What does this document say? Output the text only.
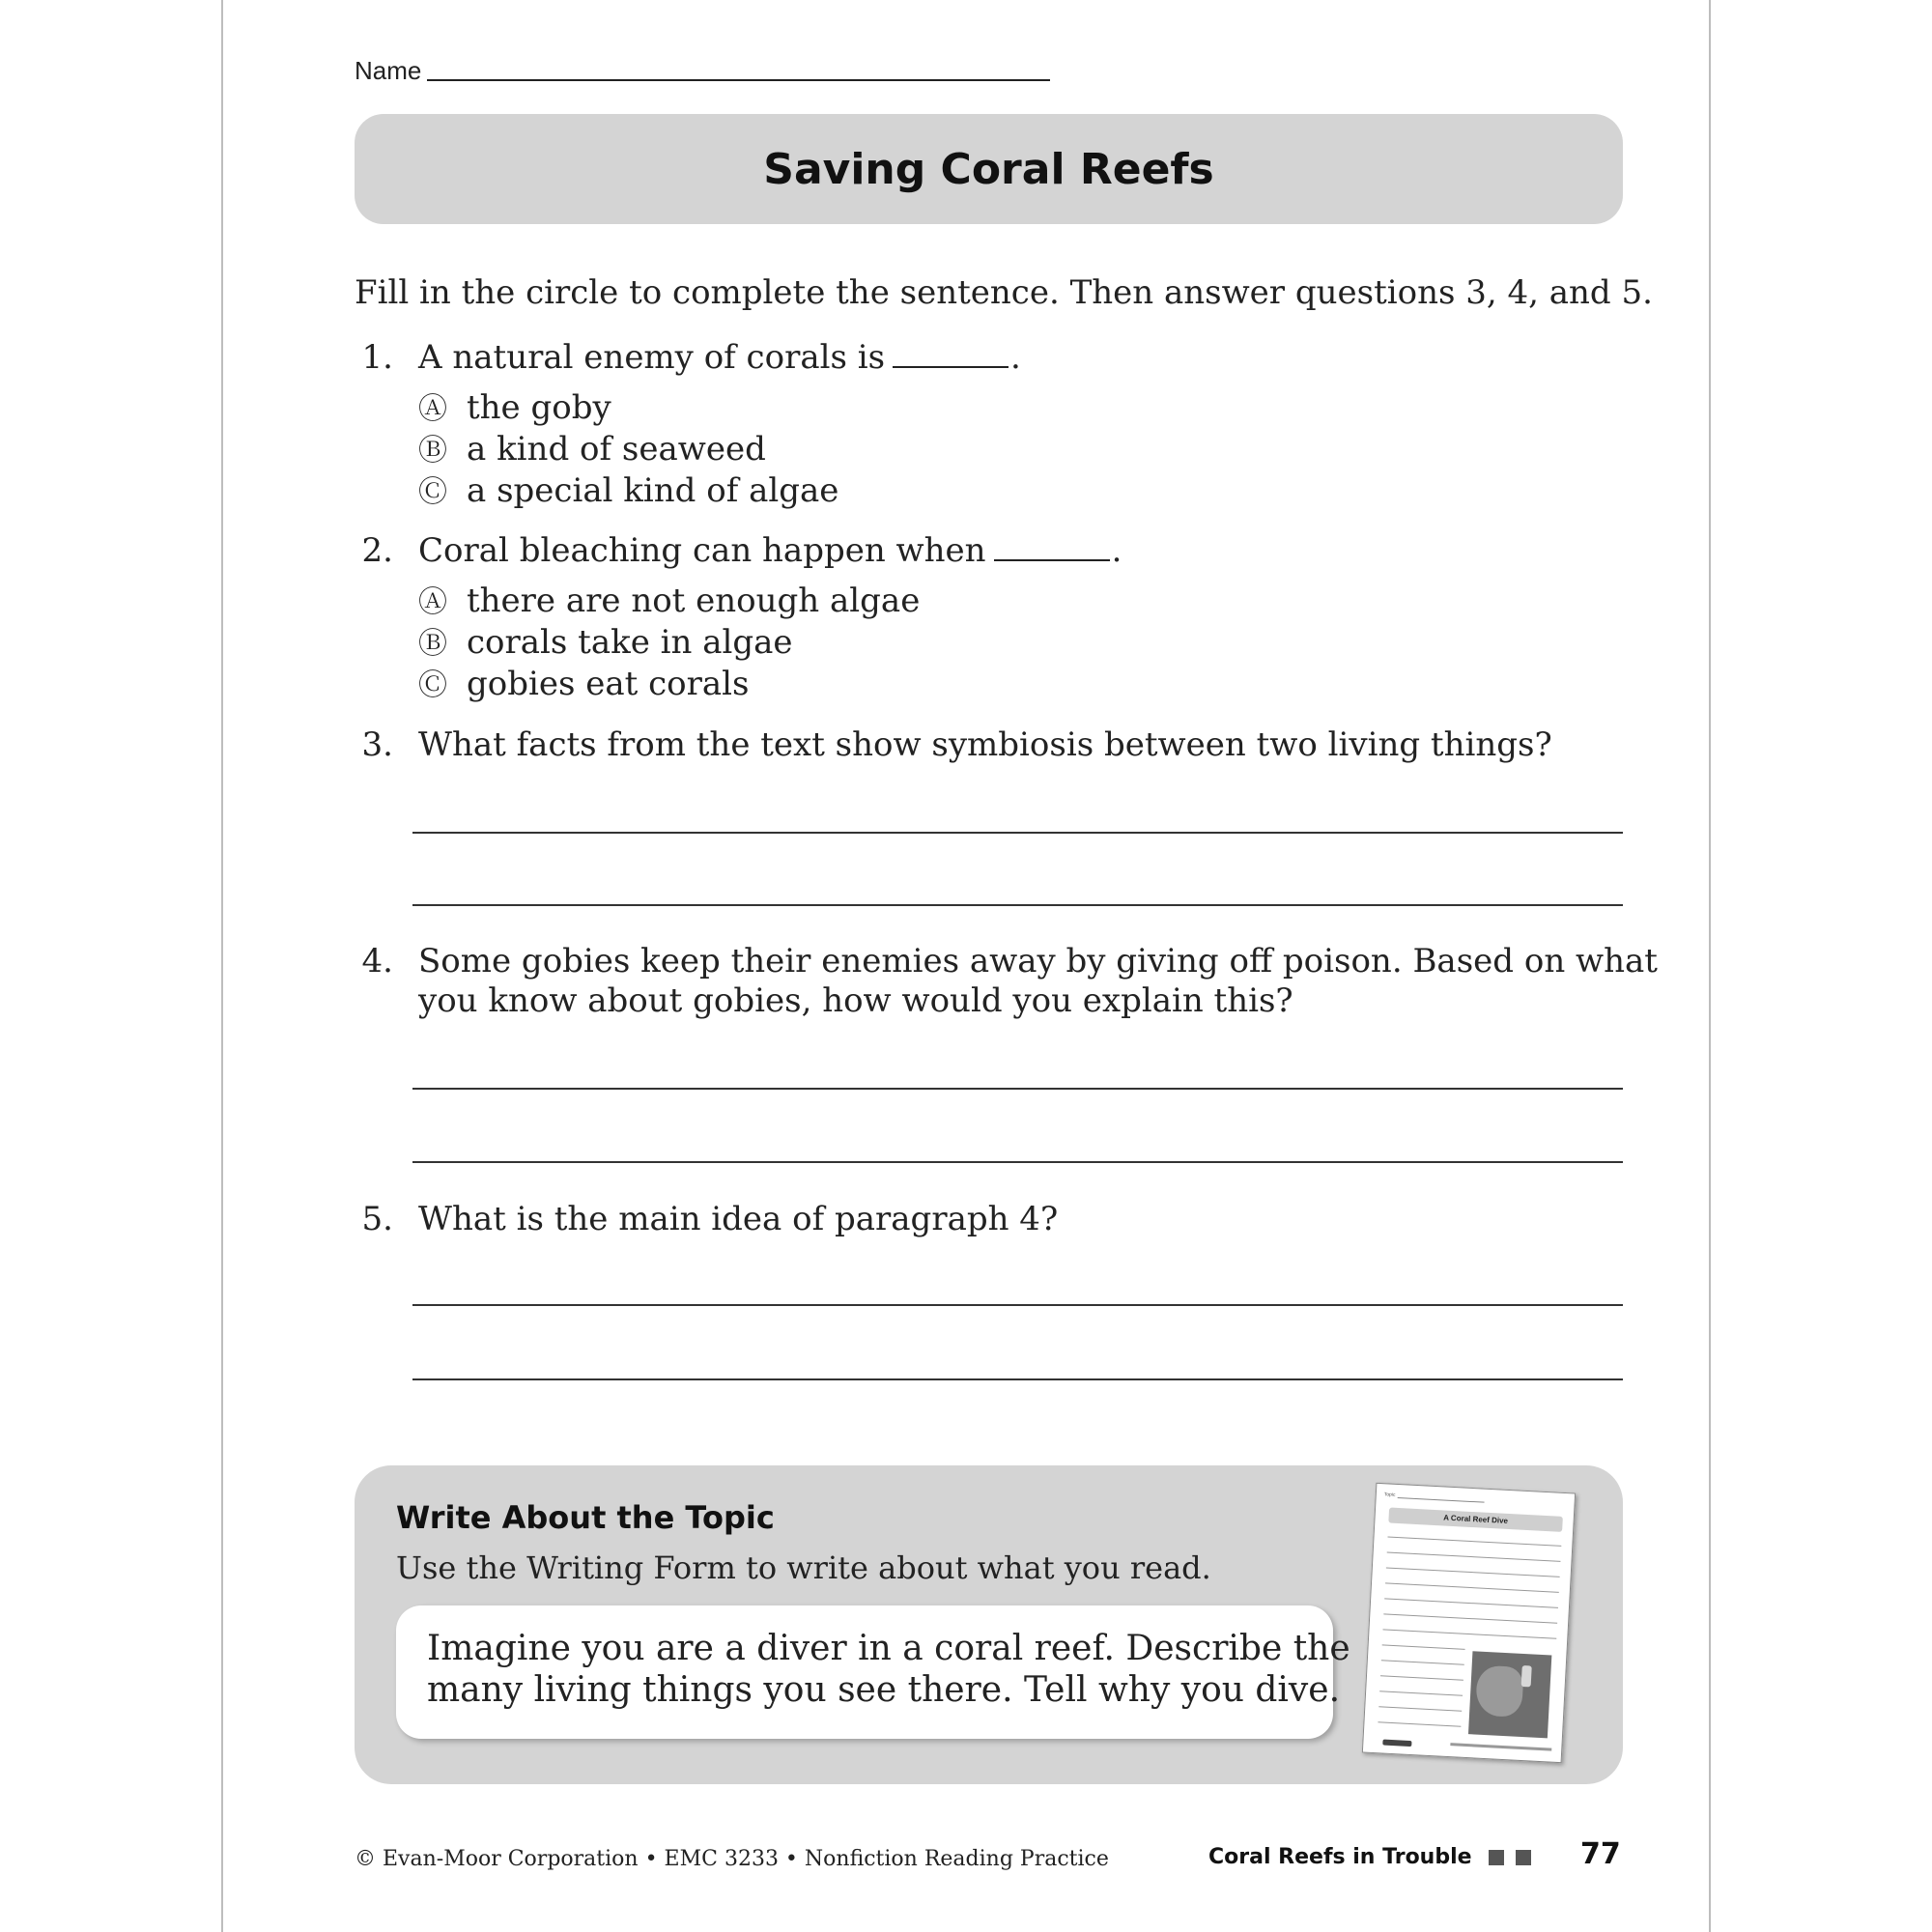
Name
Saving Coral Reefs
Fill in the circle to complete the sentence. Then answer questions 3, 4, and 5.
1. A natural enemy of corals is	.
Ⓐ the goby
Ⓑ a kind of seaweed
Ⓒ a special kind of algae
2. Coral bleaching can happen when	.
Ⓐ there are not enough algae
Ⓑ corals take in algae
Ⓒ gobies eat corals
3. What facts from the text show symbiosis between two living things?
4. Some gobies keep their enemies away by giving off poison. Based on what
you know about gobies, how would you explain this?
5. What is the main idea of paragraph 4?
Write About the Topic
Use the Writing Form to write about what you read.
Imagine you are a diver in a coral reef. Describe the
many living things you see there. Tell why you dive.
Topic
A Coral Reef Dive
© Evan-Moor Corporation • EMC 3233 • Nonfiction Reading Practice	Coral Reefs in Trouble	77
